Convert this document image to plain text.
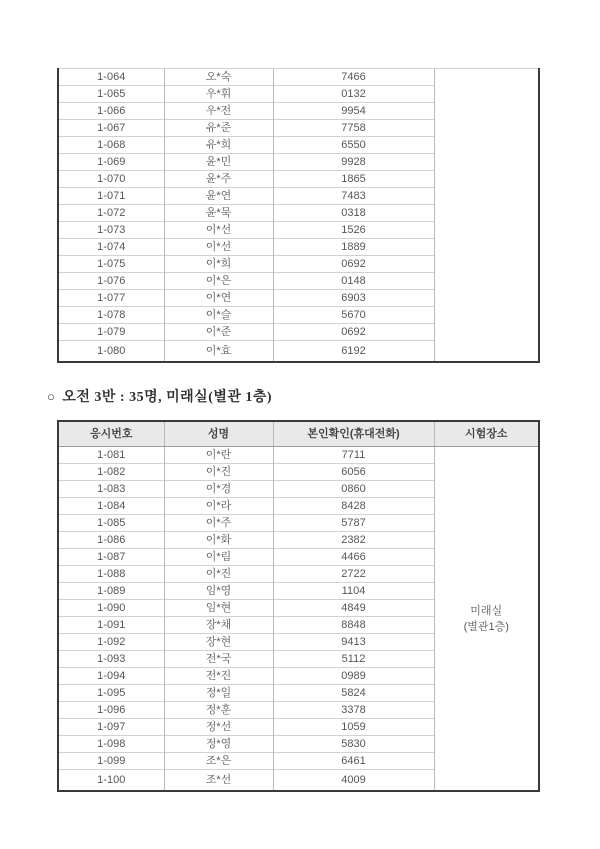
1-064	오*숙	7466	

1-065	우*휘	0132	
1-066	우*전	9954	
1-067	유*준	7758	
1-068	유*희	6550	
1-069	윤*민	9928	
1-070	윤*주	1865	
1-071	윤*연	7483	
1-072	윤*묵	0318	
1-073	이*선	1526	
1-074	이*선	1889	
1-075	이*희	0692	
1-076	이*은	0148	
1-077	이*연	6903	
1-078	이*슬	5670	
1-079	이*준	0692	
1-080	이*효	6192	
○ 오전 3반 : 35명, 미래실(별관 1층)
응시번호	성명	본인확인(휴대전화)	시험장소
1-081	이*란	7711	미래실
(별관1층)

1-082	이*진	6056	
1-083	이*경	0860	
1-084	이*라	8428	
1-085	이*주	5787	
1-086	이*화	2382	
1-087	이*림	4466	
1-088	이*진	2722	
1-089	임*영	1104	
1-090	임*현	4849	
1-091	장*채	8848	
1-092	장*현	9413	
1-093	전*국	5112	
1-094	전*진	0989	
1-095	정*일	5824	
1-096	정*훈	3378	
1-097	정*선	1059	
1-098	정*영	5830	
1-099	조*은	6461	
1-100	조*선	4009	
